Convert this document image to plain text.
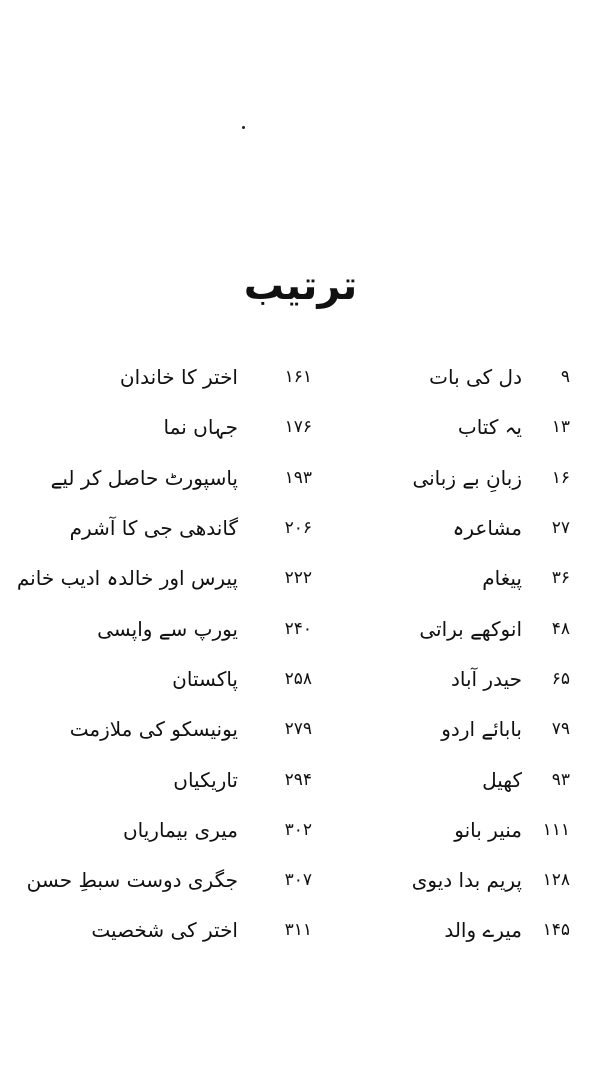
ترتیب
۹
دل کی بات
۱۳
یہ کتاب
۱۶
زبانِ بے زبانی
۲۷
مشاعرہ
۳۶
پیغام
۴۸
انوکھے براتی
۶۵
حیدر آباد
۷۹
بابائے اردو
۹۳
کھیل
۱۱۱
منیر بانو
۱۲۸
پریم بدا دیوی
۱۴۵
میرے والد
۱۶۱
اختر کا خاندان
۱۷۶
جہاں نما
۱۹۳
پاسپورٹ حاصل کر لیے
۲۰۶
گاندھی جی کا آشرم
۲۲۲
پیرس اور خالدہ ادیب خانم
۲۴۰
یورپ سے واپسی
۲۵۸
پاکستان
۲۷۹
یونیسکو کی ملازمت
۲۹۴
تاریکیاں
۳۰۲
میری بیماریاں
۳۰۷
جگری دوست سبطِ حسن
۳۱۱
اختر کی شخصیت
